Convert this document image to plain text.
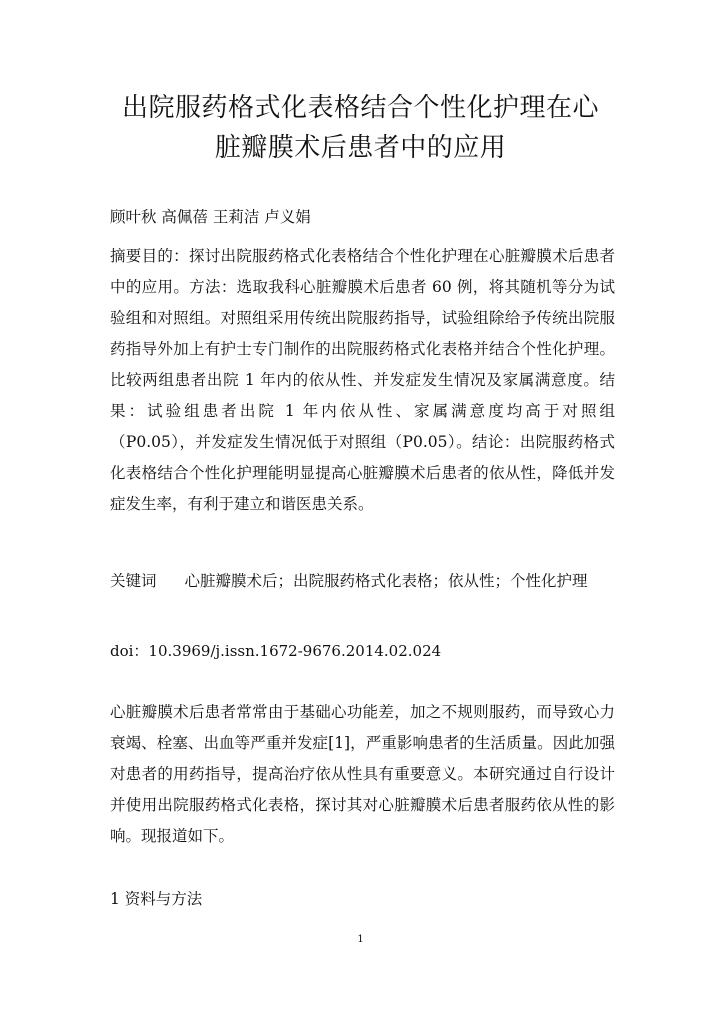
出院服药格式化表格结合个性化护理在心
脏瓣膜术后患者中的应用

顾叶秋 高佩蓓 王莉洁 卢义娟

摘要目的：探讨出院服药格式化表格结合个性化护理在心脏瓣膜术后患者中的应用。方法：选取我科心脏瓣膜术后患者 60 例，将其随机等分为试验组和对照组。对照组采用传统出院服药指导，试验组除给予传统出院服药指导外加上有护士专门制作的出院服药格式化表格并结合个性化护理。比较两组患者出院 1 年内的依从性、并发症发生情况及家属满意度。结果：试验组患者出院 1 年内依从性、家属满意度均高于对照组（P0.05），并发症发生情况低于对照组（P0.05）。结论：出院服药格式化表格结合个性化护理能明显提高心脏瓣膜术后患者的依从性，降低并发症发生率，有利于建立和谐医患关系。

关键词 心脏瓣膜术后；出院服药格式化表格；依从性；个性化护理

doi：10.3969/j.issn.1672-9676.2014.02.024

心脏瓣膜术后患者常常由于基础心功能差，加之不规则服药，而导致心力衰竭、栓塞、出血等严重并发症[1]，严重影响患者的生活质量。因此加强对患者的用药指导，提高治疗依从性具有重要意义。本研究通过自行设计并使用出院服药格式化表格，探讨其对心脏瓣膜术后患者服药依从性的影响。现报道如下。

1 资料与方法

1
